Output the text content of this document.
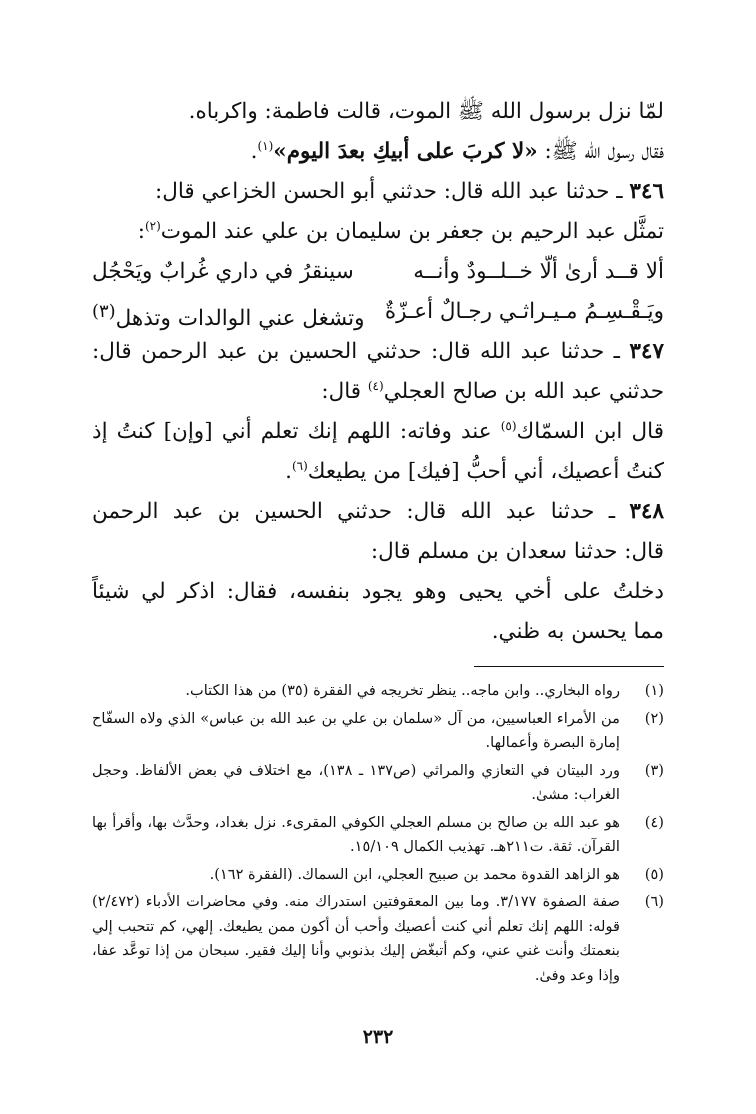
لمّا نزل برسول الله ﷺ الموت، قالت فاطمة: واكرباه.
فقال رسول الله ﷺ: «لا كربَ على أبيكِ بعدَ اليوم»$^{(١)}$.
٣٤٦ ـ حدثنا عبد الله قال: حدثني أبو الحسن الخزاعي قال:
تمثَّل عبد الرحيم بن جعفر بن سليمان بن علي عند الموت$^{(٢)}$:
ألا قــد أرىٰ ألّا خــلــودٌ وأنــه
سينقرُ في داري غُرابٌ ويَحْجُل
ويَـقْـسِـمُ مـيـراثـي رجـالٌ أعـزّةٌ
وتشغل عني الوالدات وتذهل$^{(٣)}$
٣٤٧ ـ حدثنا عبد الله قال: حدثني الحسين بن عبد الرحمن قال:
حدثني عبد الله بن صالح العجلي$^{(٤)}$ قال:
قال ابن السمّاك$^{(٥)}$ عند وفاته: اللهم إنك تعلم أني [وإن] كنتُ إذ
كنتُ أعصيك، أني أحبُّ [فيك] من يطيعك$^{(٦)}$.
٣٤٨ ـ حدثنا عبد الله قال: حدثني الحسين بن عبد الرحمن
قال: حدثنا سعدان بن مسلم قال:
دخلتُ على أخي يحيى وهو يجود بنفسه، فقال: اذكر لي شيئاً
مما يحسن به ظني.
(١)
رواه البخاري.. وابن ماجه.. ينظر تخريجه في الفقرة (٣٥) من هذا الكتاب.
(٢)
من الأمراء العباسيين، من آل «سلمان بن علي بن عبد الله بن عباس» الذي ولاه السفّاح إمارة البصرة وأعمالها.
(٣)
ورد البيتان في التعازي والمراثي (ص١٣٧ ـ ١٣٨)، مع اختلاف في بعض الألفاظ. وحجل الغراب: مشىٰ.
(٤)
هو عبد الله بن صالح بن مسلم العجلي الكوفي المقرىء. نزل بغداد، وحدَّث بها، وأقرأ بها القرآن. ثقة. ت٢١١هـ. تهذيب الكمال ١٥/١٠٩.
(٥)
هو الزاهد القدوة محمد بن صبيح العجلي، ابن السماك. (الفقرة ١٦٢).
(٦)
صفة الصفوة ٣/١٧٧. وما بين المعقوفتين استدراك منه. وفي محاضرات الأدباء (٢/٤٧٢) قوله: اللهم إنك تعلم أني كنت أعصيك وأحب أن أكون ممن يطيعك. إلهي، كم تتحبب إلي بنعمتك وأنت غني عني، وكم أتبغّض إليك بذنوبي وأنا إليك فقير. سبحان من إذا توعَّد عفا، وإذا وعد وفىٰ.
٢٣٢
